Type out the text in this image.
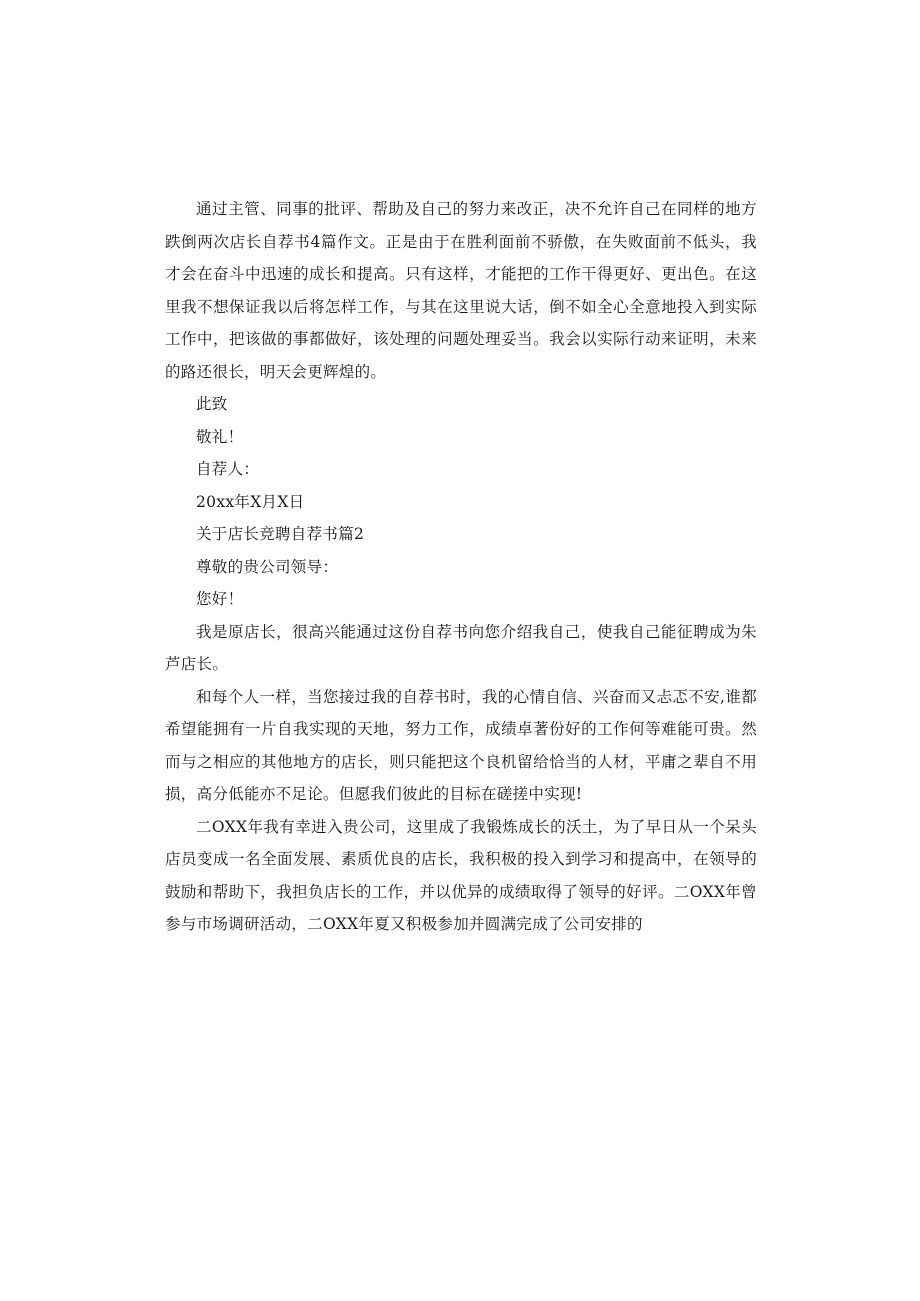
通过主管、同事的批评、帮助及自己的努力来改正，决不允许自己在同样的地方跌倒两次店长自荐书4篇作文。正是由于在胜利面前不骄傲，在失败面前不低头，我才会在奋斗中迅速的成长和提高。只有这样，才能把的工作干得更好、更出色。在这里我不想保证我以后将怎样工作，与其在这里说大话，倒不如全心全意地投入到实际工作中，把该做的事都做好，该处理的问题处理妥当。我会以实际行动来证明，未来的路还很长，明天会更辉煌的。

此致

敬礼！

自荐人：

20xx年X月X日

关于店长竞聘自荐书篇2

尊敬的贵公司领导：

您好！

我是原店长，很高兴能通过这份自荐书向您介绍我自己，使我自己能征聘成为朱芦店长。

和每个人一样，当您接过我的自荐书时，我的心情自信、兴奋而又忐忑不安,谁都希望能拥有一片自我实现的天地，努力工作，成绩卓著份好的工作何等难能可贵。然而与之相应的其他地方的店长，则只能把这个良机留给恰当的人材，平庸之辈自不用损，高分低能亦不足论。但愿我们彼此的目标在磋搓中实现!

二OXX年我有幸进入贵公司，这里成了我锻炼成长的沃土，为了早日从一个呆头店员变成一名全面发展、素质优良的店长，我积极的投入到学习和提高中，在领导的鼓励和帮助下，我担负店长的工作，并以优异的成绩取得了领导的好评。二OXX年曾参与市场调研活动，二OXX年夏又积极参加并圆满完成了公司安排的
